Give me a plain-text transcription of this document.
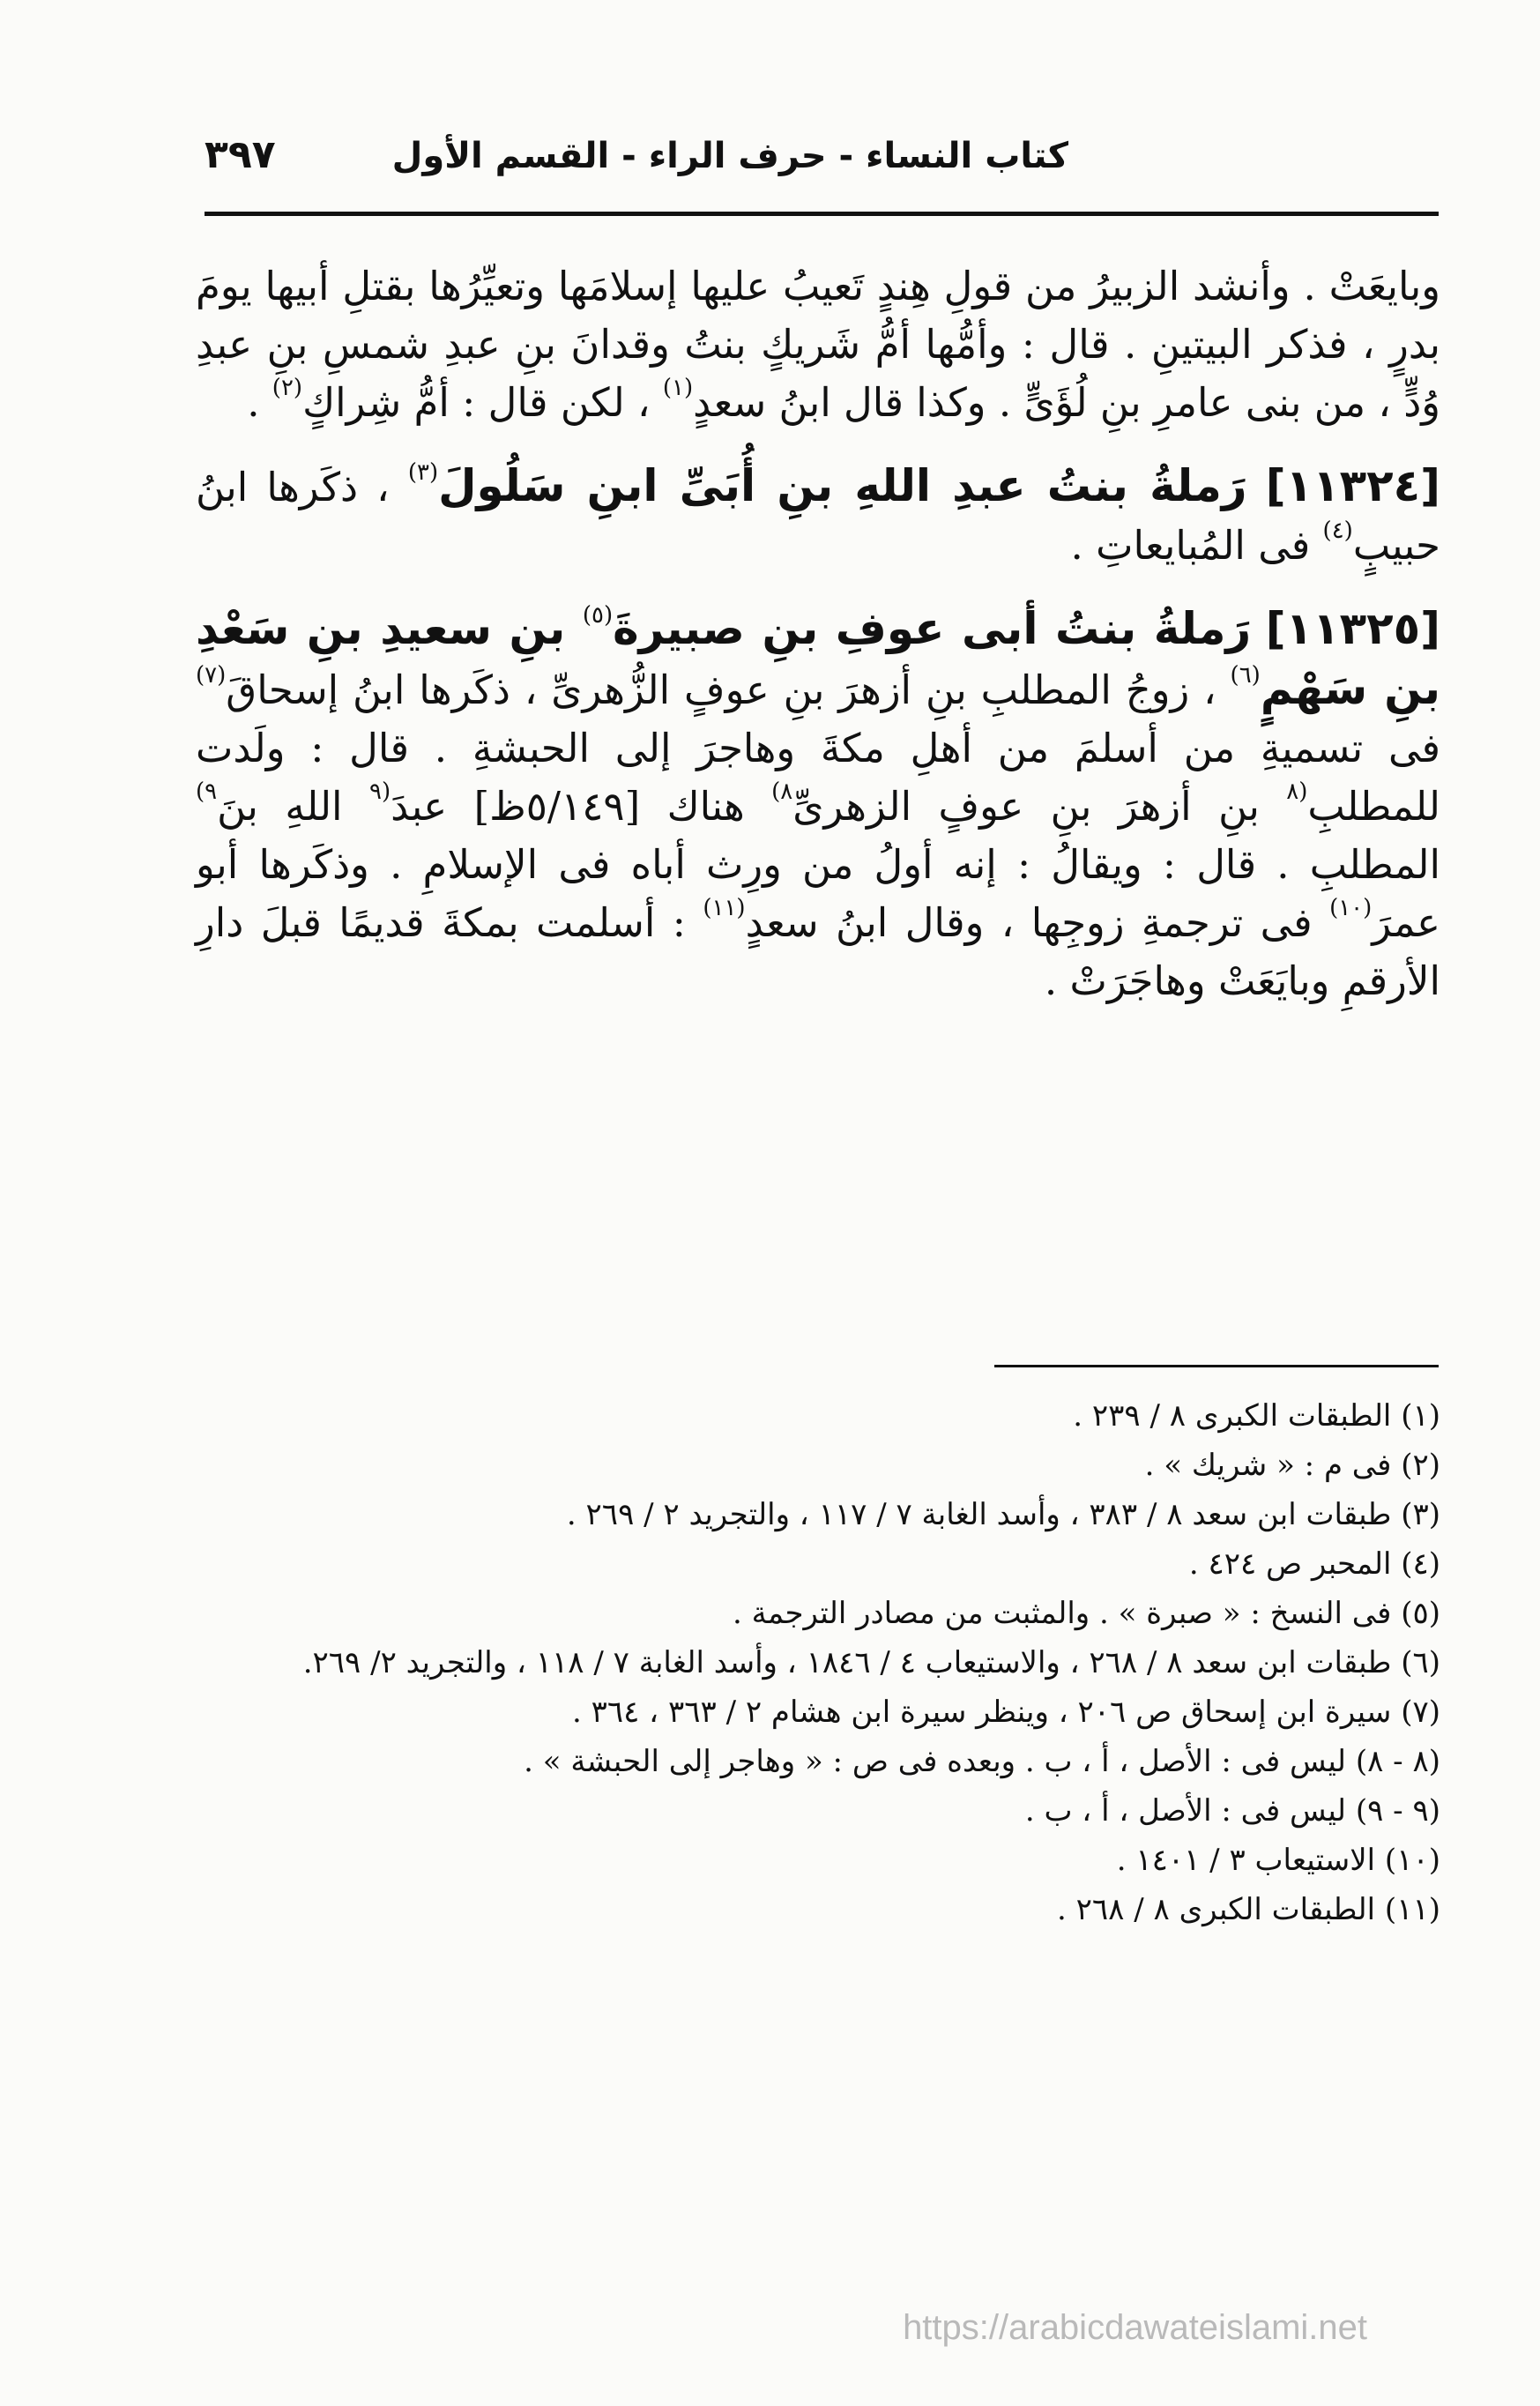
كتاب النساء - حرف الراء - القسم الأول
٣٩٧

وبايعَتْ . وأنشد الزبيرُ من قولِ هِندٍ تَعيبُ عليها إسلامَها وتعيِّرُها بقتلِ أبيها يومَ بدرٍ ، فذكر البيتينِ . قال : وأمُّها أمُّ شَريكٍ بنتُ وقدانَ بنِ عبدِ شمسِ بنِ عبدِ وُدٍّ ، من بنى عامرِ بنِ لُؤَىٍّ . وكذا قال ابنُ سعدٍ$^{(١)}$ ، لكن قال : أمُّ شِراكٍ$^{(٢)}$ .

[١١٣٢٤] رَملةُ بنتُ عبدِ اللهِ بنِ أُبَىِّ ابنِ سَلُولَ$^{(٣)}$ ، ذكَرها ابنُ حبيبٍ$^{(٤)}$ فى المُبايعاتِ .

[١١٣٢٥] رَملةُ بنتُ أبى عوفِ بنِ صبيرةَ$^{(٥)}$ بنِ سعيدِ بنِ سَعْدِ بنِ سَهْمٍ$^{(٦)}$ ، زوجُ المطلبِ بنِ أزهرَ بنِ عوفٍ الزُّهرىِّ ، ذكَرها ابنُ إسحاقَ$^{(٧)}$ فى تسميةِ من أسلمَ من أهلِ مكةَ وهاجرَ إلى الحبشةِ . قال : ولَدت للمطلبِ$^{(٨}$ بنِ أزهرَ بنِ عوفٍ الزهرىِّ$^{٨)}$ هناك [٥/١٤٩ظ] عبدَ$^{(٩}$ اللهِ بنَ$^{٩)}$ المطلبِ . قال : ويقالُ : إنه أولُ من ورِث أباه فى الإسلامِ . وذكَرها أبو عمرَ$^{(١٠)}$ فى ترجمةِ زوجِها ، وقال ابنُ سعدٍ$^{(١١)}$ : أسلمت بمكةَ قديمًا قبلَ دارِ الأرقمِ وبايَعَتْ وهاجَرَتْ .

(١) الطبقات الكبرى ٨ / ٢٣٩ .

(٢) فى م : « شريك » .

(٣) طبقات ابن سعد ٨ / ٣٨٣ ، وأسد الغابة ٧ / ١١٧ ، والتجريد ٢ / ٢٦٩ .

(٤) المحبر ص ٤٢٤ .

(٥) فى النسخ : « صبرة » . والمثبت من مصادر الترجمة .

(٦) طبقات ابن سعد ٨ / ٢٦٨ ، والاستيعاب ٤ / ١٨٤٦ ، وأسد الغابة ٧ / ١١٨ ، والتجريد ٢/ ٢٦٩.

(٧) سيرة ابن إسحاق ص ٢٠٦ ، وينظر سيرة ابن هشام ٢ / ٣٦٣ ، ٣٦٤ .

(٨ - ٨) ليس فى : الأصل ، أ ، ب . وبعده فى ص : « وهاجر إلى الحبشة » .

(٩ - ٩) ليس فى : الأصل ، أ ، ب .

(١٠) الاستيعاب ٣ / ١٤٠١ .

(١١) الطبقات الكبرى ٨ / ٢٦٨ .

https://arabicdawateislami.net
